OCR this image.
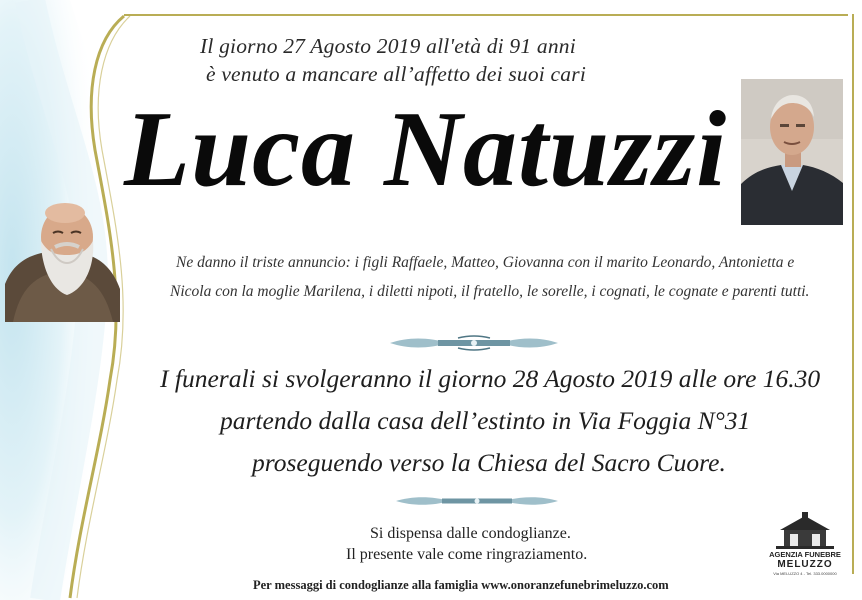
Il giorno 27 Agosto 2019 all'età di 91 anni
è venuto a mancare all’affetto dei suoi cari
Luca Natuzzi
Ne danno il triste annuncio: i figli Raffaele, Matteo, Giovanna con il marito Leonardo, Antonietta e
Nicola con la moglie Marilena, i diletti nipoti, il fratello, le sorelle, i cognati, le cognate e parenti tutti.
I funerali si svolgeranno il giorno 28 Agosto 2019 alle ore 16.30
partendo dalla casa dell’estinto in Via Foggia N°31
proseguendo verso la Chiesa del Sacro Cuore.
Si dispensa dalle condoglianze.
Il presente vale come ringraziamento.
Per messaggi di condoglianze alla famiglia www.onoranzefunebrimeluzzo.com
AGENZIA FUNEBRE
MELUZZO
Via MELUZZO 4 - Tel. 333.0000000
